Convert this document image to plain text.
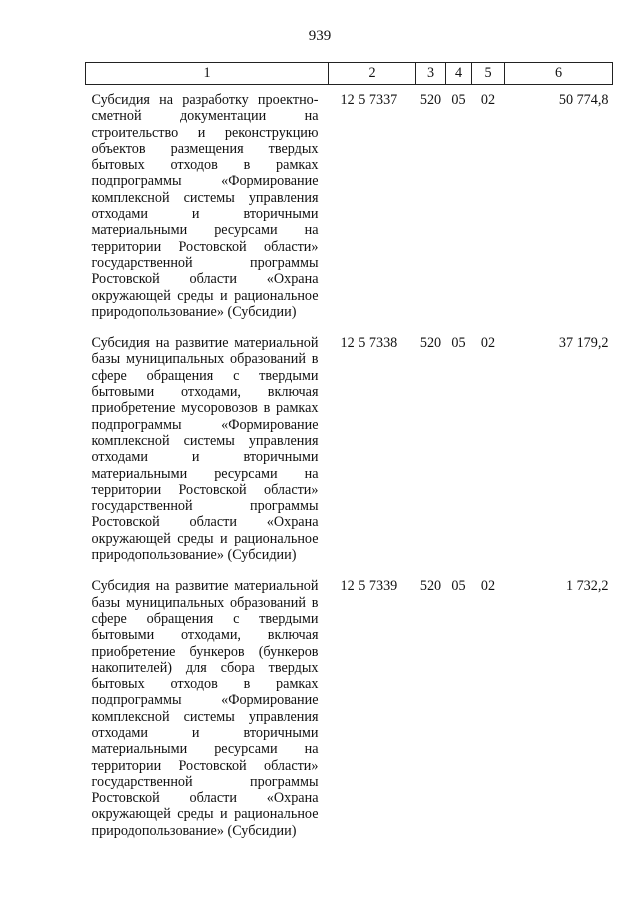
939
1	2	3	4	5	6
Субсидия на разработку проектно-сметной документации на строительство и реконструкцию объектов размещения твердых бытовых отходов в рамках подпрограммы «Формирование комплексной системы управления отходами и вторичными материальными ресурсами на территории Ростовской области» государственной программы Ростовской области «Охрана окружающей среды и рациональное природопользование» (Субсидии)	12 5 7337	520	05	02	50 774,8
Субсидия на развитие материальной базы муниципальных образований в сфере обращения с твердыми бытовыми отходами, включая приобретение мусоровозов в рамках подпрограммы «Формирование комплексной системы управления отходами и вторичными материальными ресурсами на территории Ростовской области» государственной программы Ростовской области «Охрана окружающей среды и рациональное природопользование» (Субсидии)	12 5 7338	520	05	02	37 179,2
Субсидия на развитие материальной базы муниципальных образований в сфере обращения с твердыми бытовыми отходами, включая приобретение бункеров (бункеров накопителей) для сбора твердых бытовых отходов в рамках подпрограммы «Формирование комплексной системы управления отходами и вторичными материальными ресурсами на территории Ростовской области» государственной программы Ростовской области «Охрана окружающей среды и рациональное природопользование» (Субсидии)	12 5 7339	520	05	02	1 732,2
